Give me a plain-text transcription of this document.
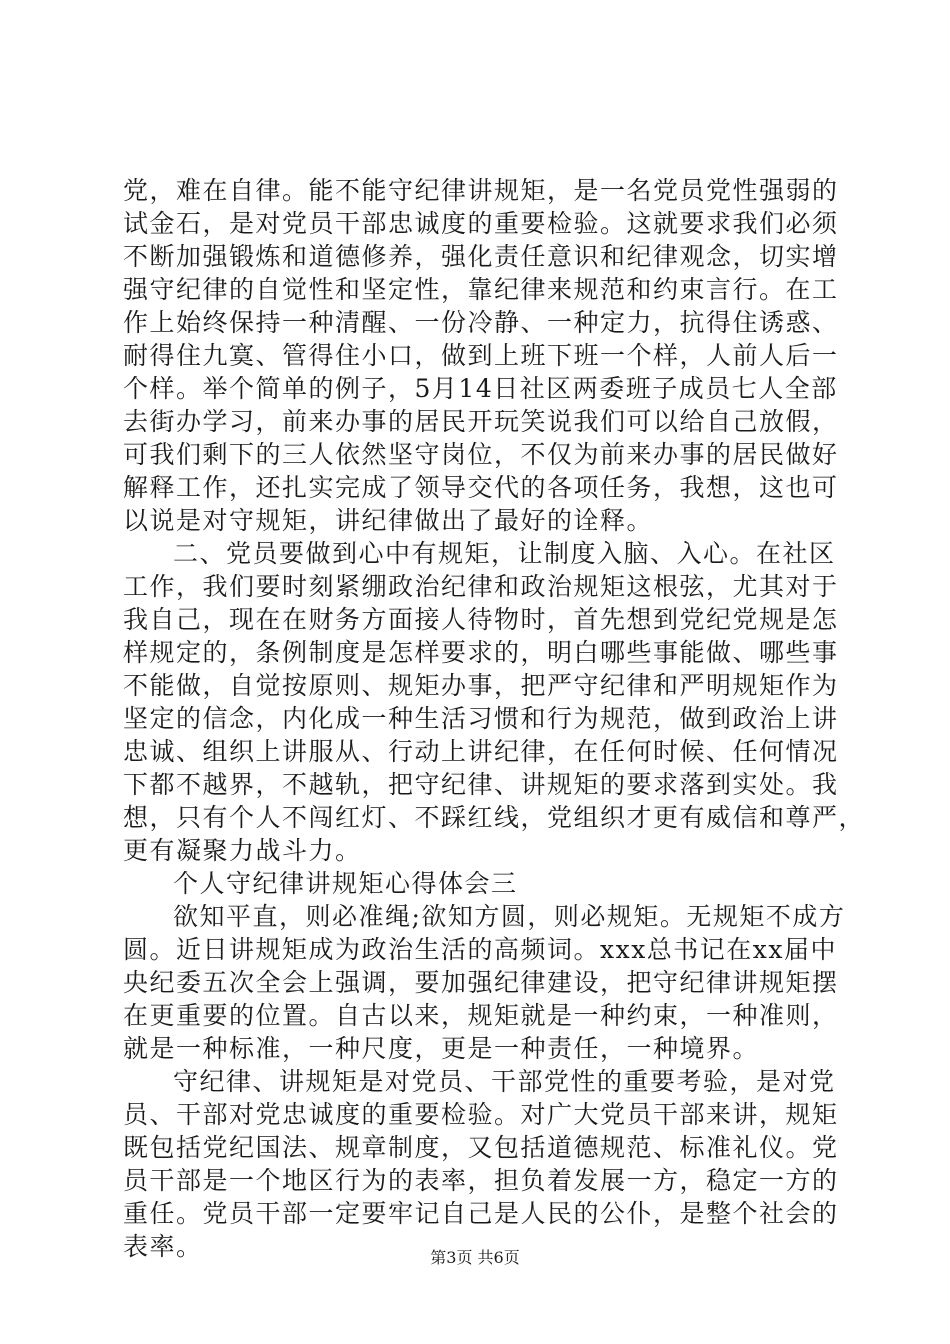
党，难在自律。能不能守纪律讲规矩，是一名党员党性强弱的
试金石，是对党员干部忠诚度的重要检验。这就要求我们必须
不断加强锻炼和道德修养，强化责任意识和纪律观念，切实增
强守纪律的自觉性和坚定性，靠纪律来规范和约束言行。在工
作上始终保持一种清醒、一份冷静、一种定力，抗得住诱惑、
耐得住九寞、管得住小口，做到上班下班一个样，人前人后一
个样。举个简单的例子，5月14日社区两委班子成员七人全部
去街办学习，前来办事的居民开玩笑说我们可以给自己放假，
可我们剩下的三人依然坚守岗位，不仅为前来办事的居民做好
解释工作，还扎实完成了领导交代的各项任务，我想，这也可
以说是对守规矩，讲纪律做出了最好的诠释。
二、党员要做到心中有规矩，让制度入脑、入心。在社区
工作，我们要时刻紧绷政治纪律和政治规矩这根弦，尤其对于
我自己，现在在财务方面接人待物时，首先想到党纪党规是怎
样规定的，条例制度是怎样要求的，明白哪些事能做、哪些事
不能做，自觉按原则、规矩办事，把严守纪律和严明规矩作为
坚定的信念，内化成一种生活习惯和行为规范，做到政治上讲
忠诚、组织上讲服从、行动上讲纪律，在任何时候、任何情况
下都不越界，不越轨，把守纪律、讲规矩的要求落到实处。我
想，只有个人不闯红灯、不踩红线，党组织才更有威信和尊严，
更有凝聚力战斗力。
个人守纪律讲规矩心得体会三
欲知平直，则必准绳;欲知方圆，则必规矩。无规矩不成方
圆。近日讲规矩成为政治生活的高频词。xxx总书记在xx届中
央纪委五次全会上强调，要加强纪律建设，把守纪律讲规矩摆
在更重要的位置。自古以来，规矩就是一种约束，一种准则，
就是一种标准，一种尺度，更是一种责任，一种境界。
守纪律、讲规矩是对党员、干部党性的重要考验，是对党
员、干部对党忠诚度的重要检验。对广大党员干部来讲，规矩
既包括党纪国法、规章制度，又包括道德规范、标准礼仪。党
员干部是一个地区行为的表率，担负着发展一方，稳定一方的
重任。党员干部一定要牢记自己是人民的公仆，是整个社会的
表率。	第3页 共6页
